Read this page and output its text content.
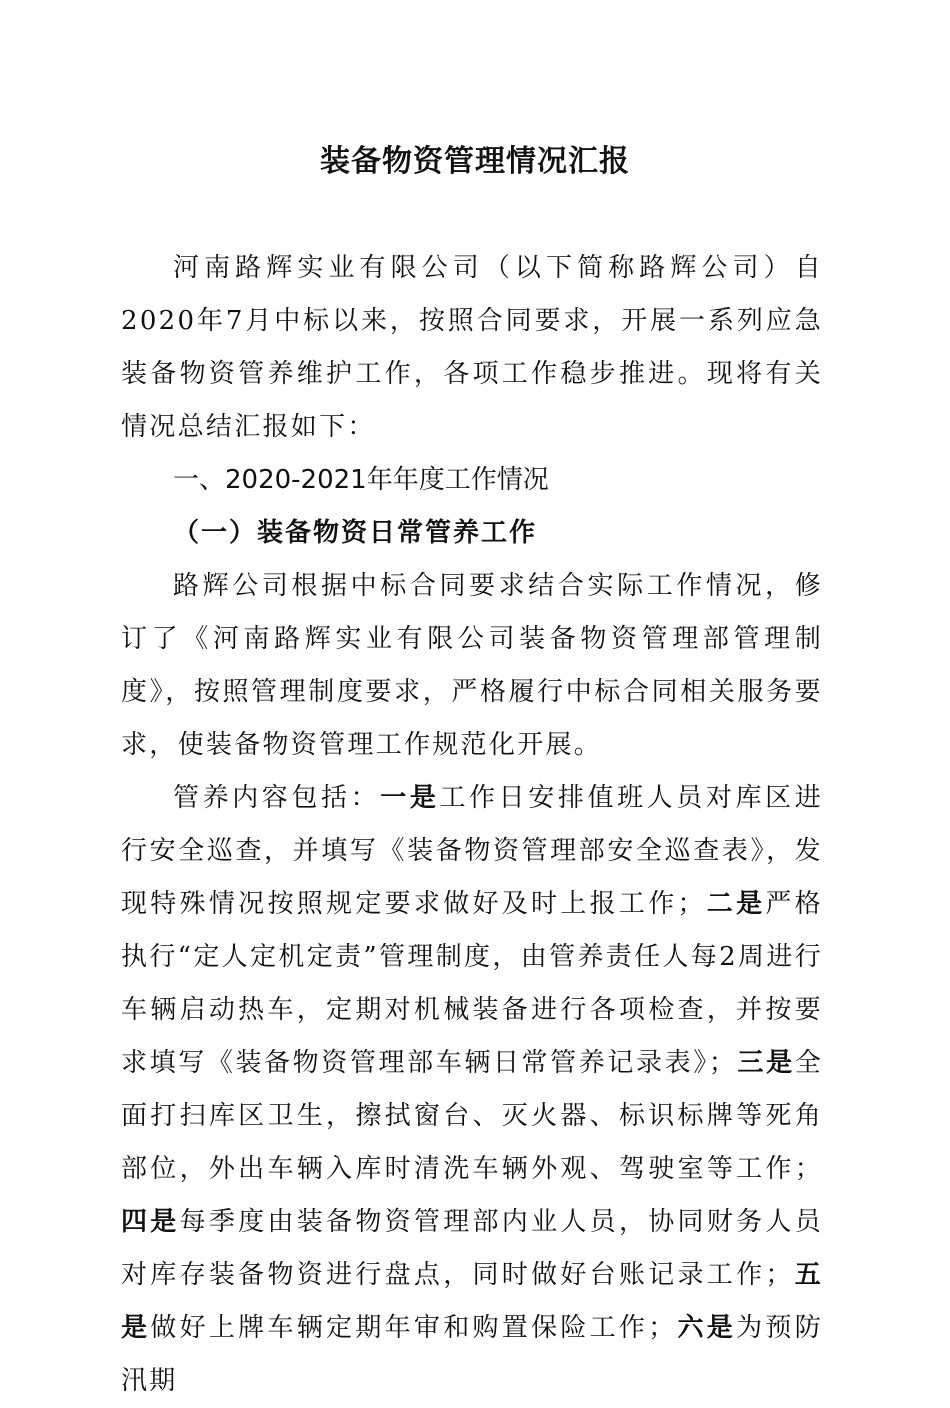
装备物资管理情况汇报

河南路辉实业有限公司（以下简称路辉公司）自2020年7月中标以来，按照合同要求，开展一系列应急装备物资管养维护工作，各项工作稳步推进。现将有关情况总结汇报如下：

一、2020-2021年年度工作情况

（一）装备物资日常管养工作

路辉公司根据中标合同要求结合实际工作情况，修订了《河南路辉实业有限公司装备物资管理部管理制度》，按照管理制度要求，严格履行中标合同相关服务要求，使装备物资管理工作规范化开展。

管养内容包括：一是工作日安排值班人员对库区进行安全巡查，并填写《装备物资管理部安全巡查表》，发现特殊情况按照规定要求做好及时上报工作；二是严格执行“定人定机定责”管理制度，由管养责任人每2周进行车辆启动热车，定期对机械装备进行各项检查，并按要求填写《装备物资管理部车辆日常管养记录表》；三是全面打扫库区卫生，擦拭窗台、灭火器、标识标牌等死角部位，外出车辆入库时清洗车辆外观、驾驶室等工作；四是每季度由装备物资管理部内业人员，协同财务人员对库存装备物资进行盘点，同时做好台账记录工作；五是做好上牌车辆定期年审和购置保险工作；六是为预防汛期
